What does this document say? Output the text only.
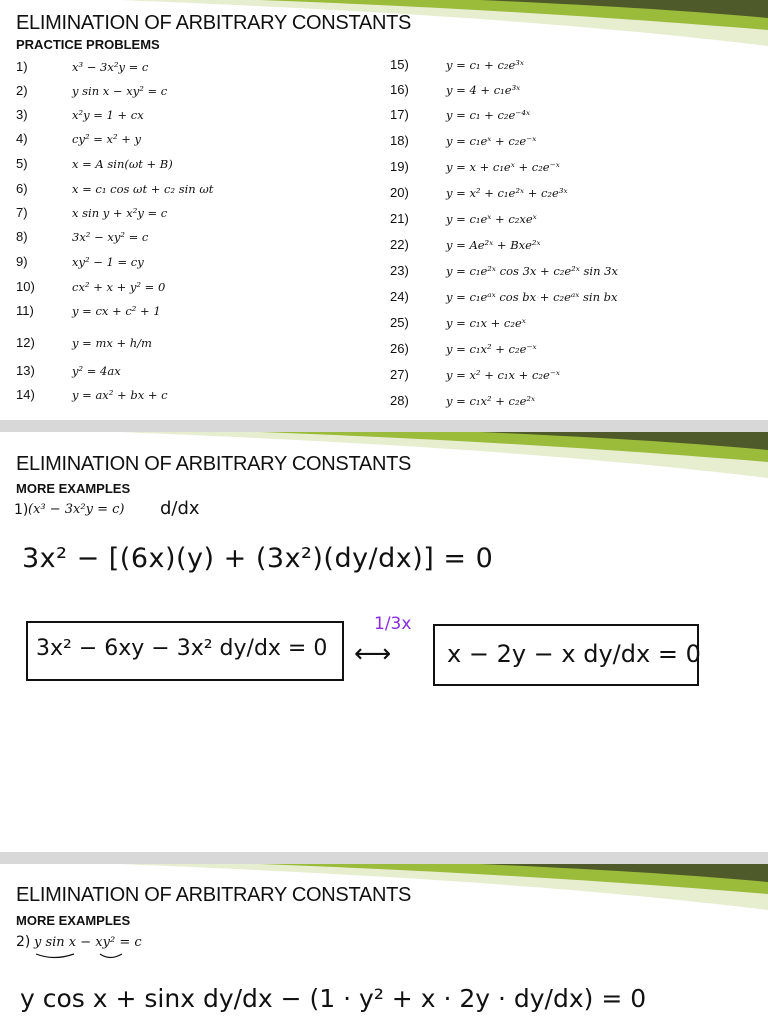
ELIMINATION OF ARBITRARY CONSTANTS
PRACTICE PROBLEMS
1)	x³ − 3x²y = c
2)	y sin x − xy² = c
3)	x²y = 1 + cx
4)	cy² = x² + y
5)	x = A sin(ωt + B)
6)	x = c₁ cos ωt + c₂ sin ωt
7)	x sin y + x²y = c
8)	3x² − xy² = c
9)	xy² − 1 = cy
10)	cx² + x + y² = 0
11)	y = cx + c² + 1
12)	y = mx + h/m
13)	y² = 4ax
14)	y = ax² + bx + c
15)	y = c₁ + c₂e³ˣ
16)	y = 4 + c₁e³ˣ
17)	y = c₁ + c₂e⁻⁴ˣ
18)	y = c₁eˣ + c₂e⁻ˣ
19)	y = x + c₁eˣ + c₂e⁻ˣ
20)	y = x² + c₁e²ˣ + c₂e³ˣ
21)	y = c₁eˣ + c₂xeˣ
22)	y = Ae²ˣ + Bxe²ˣ
23)	y = c₁e²ˣ cos 3x + c₂e²ˣ sin 3x
24)	y = c₁eᵃˣ cos bx + c₂eᵃˣ sin bx
25)	y = c₁x + c₂eˣ
26)	y = c₁x² + c₂e⁻ˣ
27)	y = x² + c₁x + c₂e⁻ˣ
28)	y = c₁x² + c₂e²ˣ
ELIMINATION OF ARBITRARY CONSTANTS
MORE EXAMPLES
1) (x³ − 3x²y = c) d/dx
3x² − [(6x)(y) + (3x²)(dy/dx)] = 0
3x² − 6xy − 3x² dy/dx = 0
1/3x
⟷ x − 2y − x dy/dx = 0
ELIMINATION OF ARBITRARY CONSTANTS
MORE EXAMPLES
2) y sin x − xy² = c
y cos x + sinx dy/dx − (1 · y² + x · 2y · dy/dx) = 0
